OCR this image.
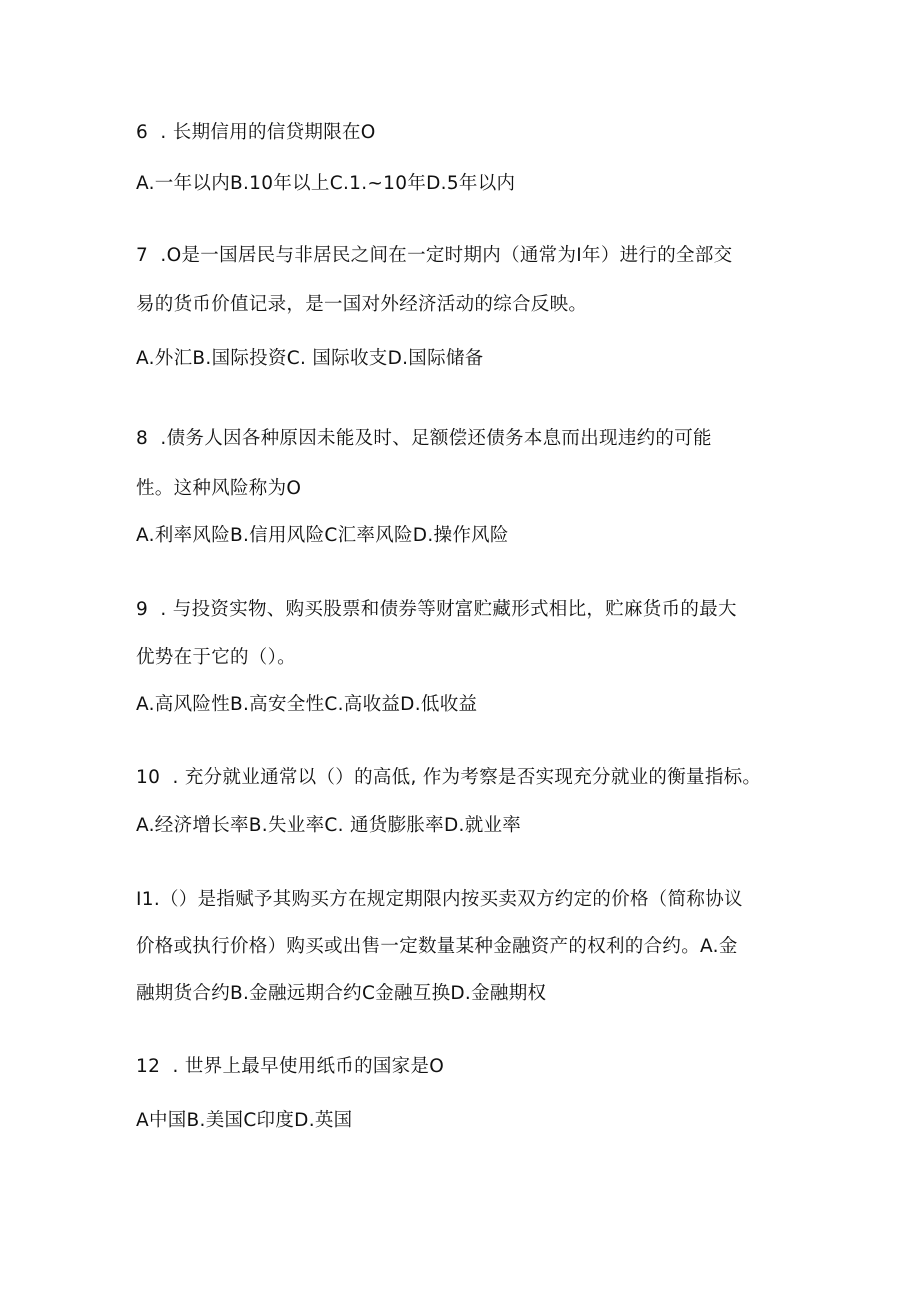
6  . 长期信用的信贷期限在O

A.一年以内B.10年以上C.1.~10年D.5年以内

7  .O是一国居民与非居民之间在一定时期内（通常为I年）进行的全部交

易的货币价值记录，是一国对外经济活动的综合反映。

A.外汇B.国际投资C. 国际收支D.国际储备

8  .债务人因各种原因未能及时、足额偿还债务本息而出现违约的可能

性。这种风险称为O

A.利率风险B.信用风险C汇率风险D.操作风险

9  . 与投资实物、购买股票和债券等财富贮藏形式相比，贮麻货币的最大

优势在于它的（）。

A.高风险性B.高安全性C.高收益D.低收益

10  . 充分就业通常以（）的高低, 作为考察是否实现充分就业的衡量指标。

A.经济增长率B.失业率C. 通货膨胀率D.就业率

I1.（）是指赋予其购买方在规定期限内按买卖双方约定的价格（简称协议

价格或执行价格）购买或出售一定数量某种金融资产的权利的合约。A.金

融期货合约B.金融远期合约C金融互换D.金融期权

12  . 世界上最早使用纸币的国家是O

A中国B.美国C印度D.英国
